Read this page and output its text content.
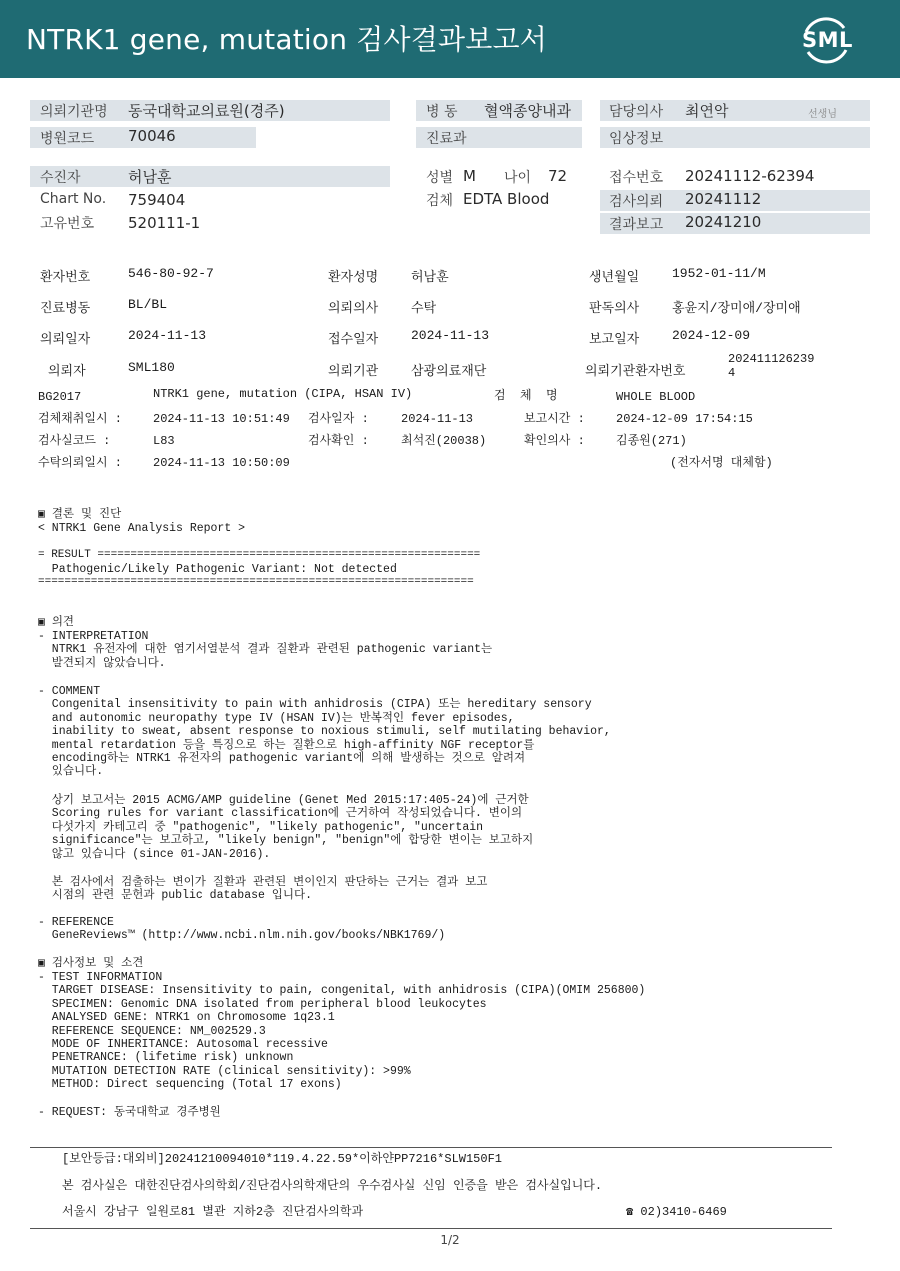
NTRK1 gene, mutation 검사결과보고서	SML
의뢰기관명 동국대학교의료원(경주)	병 동 혈액종양내과	담당의사 최연악	선생님
병원코드 70046	진료과	임상정보
수진자	허남훈
Chart No. 759404
고유번호 520111-1
성별 M 나이 72
검체 EDTA Blood
접수번호 20241112-62394
검사의뢰 20241112
결과보고 20241210
환자번호	546-80-92-7	환자성명	허남훈	생년월일	1952-01-11/M
진료병동	BL/BL	의뢰의사	수탁	판독의사	홍윤지/장미애/장미애
의뢰일자	2024-11-13	접수일자	2024-11-13	보고일자	2024-12-09
의뢰자	SML180	의뢰기관	삼광의료재단	의뢰기관환자번호
202411126239
4
BG2017	NTRK1 gene, mutation (CIPA, HSAN IV)	검  체  명	WHOLE BLOOD
검체채취일시 :	2024-11-13 10:51:49 검사일자 :	2024-11-13	보고시간 :	2024-12-09 17:54:15
검사실코드 :	L83	검사확인 :	최석진(20038)	확인의사 :	김종원(271)
수탁의뢰일시 :	2024-11-13 10:50:09	(전자서명 대체함)
▣ 결론 및 진단
< NTRK1 Gene Analysis Report >
= RESULT ==========================================================
Pathogenic/Likely Pathogenic Variant: Not detected
==================================================================
▣ 의견
- INTERPRETATION
NTRK1 유전자에 대한 염기서열분석 결과 질환과 관련된 pathogenic variant는
발견되지 않았습니다.
- COMMENT
Congenital insensitivity to pain with anhidrosis (CIPA) 또는 hereditary sensory
and autonomic neuropathy type IV (HSAN IV)는 반복적인 fever episodes,
inability to sweat, absent response to noxious stimuli, self mutilating behavior,
mental retardation 등을 특징으로 하는 질환으로 high-affinity NGF receptor를
encoding하는 NTRK1 유전자의 pathogenic variant에 의해 발생하는 것으로 알려져
있습니다.
상기 보고서는 2015 ACMG/AMP guideline (Genet Med 2015:17:405-24)에 근거한
Scoring rules for variant classification에 근거하여 작성되었습니다. 변이의
다섯가지 카테고리 중 "pathogenic", "likely pathogenic", "uncertain
significance"는 보고하고, "likely benign", "benign"에 합당한 변이는 보고하지
않고 있습니다 (since 01-JAN-2016).
본 검사에서 검출하는 변이가 질환과 관련된 변이인지 판단하는 근거는 결과 보고
시점의 관련 문헌과 public database 입니다.
- REFERENCE
GeneReviews™ (http://www.ncbi.nlm.nih.gov/books/NBK1769/)
▣ 검사정보 및 소견
- TEST INFORMATION
TARGET DISEASE: Insensitivity to pain, congenital, with anhidrosis (CIPA)(OMIM 256800)
SPECIMEN: Genomic DNA isolated from peripheral blood leukocytes
ANALYSED GENE: NTRK1 on Chromosome 1q23.1
REFERENCE SEQUENCE: NM_002529.3
MODE OF INHERITANCE: Autosomal recessive
PENETRANCE: (lifetime risk) unknown
MUTATION DETECTION RATE (clinical sensitivity): >99%
METHOD: Direct sequencing (Total 17 exons)
- REQUEST: 동국대학교 경주병원
[보안등급:대외비]20241210094010*119.4.22.59*이하얀PP7216*SLW150F1
본 검사실은 대한진단검사의학회/진단검사의학재단의 우수검사실 신임 인증을 받은 검사실입니다.
서울시 강남구 일원로81 별관 지하2층 진단검사의학과	☎ 02)3410-6469
1/2
